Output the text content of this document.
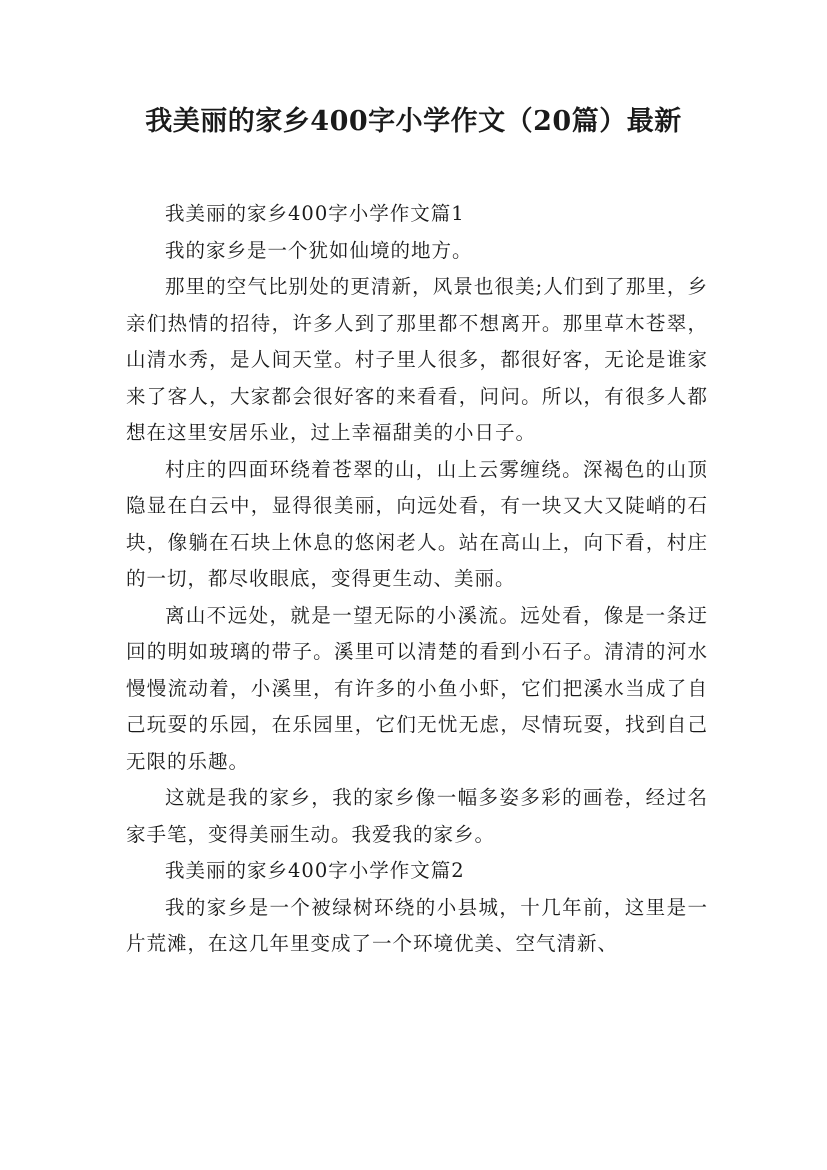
我美丽的家乡400字小学作文（20篇）最新

我美丽的家乡400字小学作文篇1

我的家乡是一个犹如仙境的地方。

那里的空气比别处的更清新，风景也很美;人们到了那里，乡亲们热情的招待，许多人到了那里都不想离开。那里草木苍翠，山清水秀，是人间天堂。村子里人很多，都很好客，无论是谁家来了客人，大家都会很好客的来看看，问问。所以，有很多人都想在这里安居乐业，过上幸福甜美的小日子。

村庄的四面环绕着苍翠的山，山上云雾缠绕。深褐色的山顶隐显在白云中，显得很美丽，向远处看，有一块又大又陡峭的石块，像躺在石块上休息的悠闲老人。站在高山上，向下看，村庄的一切，都尽收眼底，变得更生动、美丽。

离山不远处，就是一望无际的小溪流。远处看，像是一条迂回的明如玻璃的带子。溪里可以清楚的看到小石子。清清的河水慢慢流动着，小溪里，有许多的小鱼小虾，它们把溪水当成了自己玩耍的乐园，在乐园里，它们无忧无虑，尽情玩耍，找到自己无限的乐趣。

这就是我的家乡，我的家乡像一幅多姿多彩的画卷，经过名家手笔，变得美丽生动。我爱我的家乡。

我美丽的家乡400字小学作文篇2

我的家乡是一个被绿树环绕的小县城，十几年前，这里是一片荒滩，在这几年里变成了一个环境优美、空气清新、
